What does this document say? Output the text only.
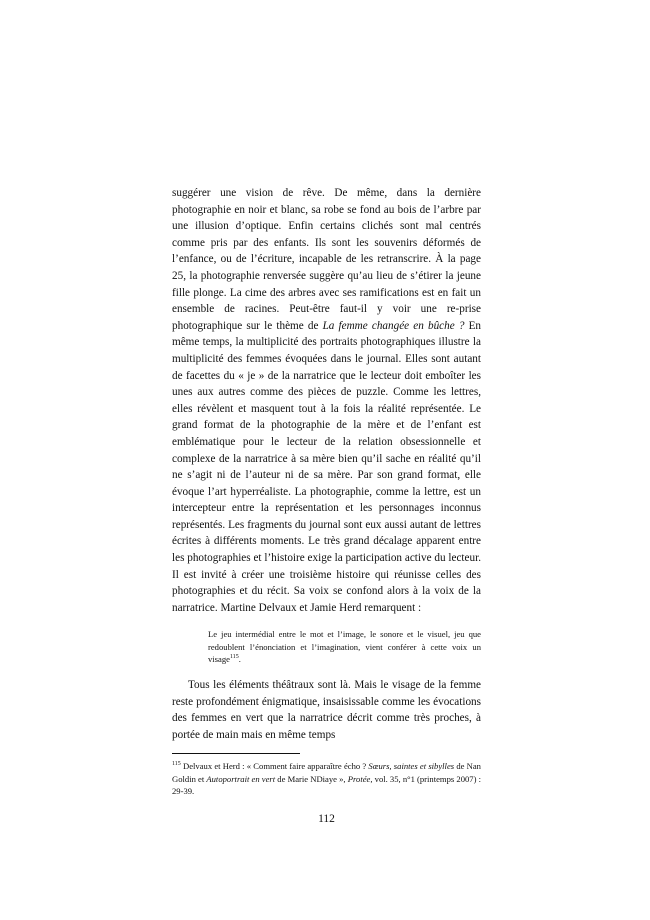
suggérer une vision de rêve. De même, dans la dernière photographie en noir et blanc, sa robe se fond au bois de l’arbre par une illusion d’optique. Enfin certains clichés sont mal centrés comme pris par des enfants. Ils sont les souvenirs déformés de l’enfance, ou de l’écriture, incapable de les retranscrire. À la page 25, la photographie renversée suggère qu’au lieu de s’étirer la jeune fille plonge. La cime des arbres avec ses ramifications est en fait un ensemble de racines. Peut-être faut-il y voir une re-prise photographique sur le thème de La femme changée en bûche ? En même temps, la multiplicité des portraits photographiques illustre la multiplicité des femmes évoquées dans le journal. Elles sont autant de facettes du « je » de la narratrice que le lecteur doit emboîter les unes aux autres comme des pièces de puzzle. Comme les lettres, elles révèlent et masquent tout à la fois la réalité représentée. Le grand format de la photographie de la mère et de l’enfant est emblématique pour le lecteur de la relation obsessionnelle et complexe de la narratrice à sa mère bien qu’il sache en réalité qu’il ne s’agit ni de l’auteur ni de sa mère. Par son grand format, elle évoque l’art hyperréaliste. La photographie, comme la lettre, est un intercepteur entre la représentation et les personnages inconnus représentés. Les fragments du journal sont eux aussi autant de lettres écrites à différents moments. Le très grand décalage apparent entre les photographies et l’histoire exige la participation active du lecteur. Il est invité à créer une troisième histoire qui réunisse celles des photographies et du récit. Sa voix se confond alors à la voix de la narratrice. Martine Delvaux et Jamie Herd remarquent :

Le jeu intermédial entre le mot et l’image, le sonore et le visuel, jeu que redoublent l’énonciation et l’imagination, vient conférer à cette voix un visage$^{115}$.

Tous les éléments théâtraux sont là. Mais le visage de la femme reste profondément énigmatique, insaisissable comme les évocations des femmes en vert que la narratrice décrit comme très proches, à portée de main mais en même temps

$^{115}$ Delvaux et Herd : « Comment faire apparaître écho ? Sœurs, saintes et sibylles de Nan Goldin et Autoportrait en vert de Marie NDiaye », Protée, vol. 35, n°1 (printemps 2007) : 29-39.

112
